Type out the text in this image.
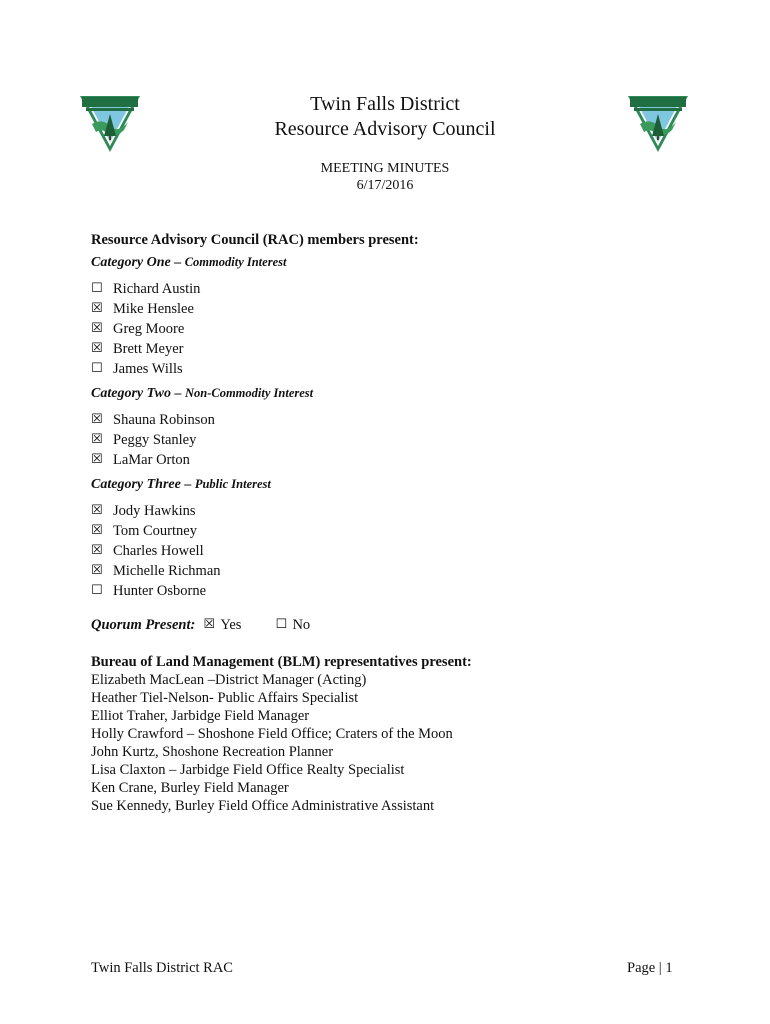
Twin Falls District
Resource Advisory Council
MEETING MINUTES
6/17/2016
Resource Advisory Council (RAC) members present:
Category One – Commodity Interest
☐ Richard Austin
☒ Mike Henslee
☒ Greg Moore
☒ Brett Meyer
☐ James Wills
Category Two – Non-Commodity Interest
☒ Shauna Robinson
☒ Peggy Stanley
☒ LaMar Orton
Category Three – Public Interest
☒ Jody Hawkins
☒ Tom Courtney
☒ Charles Howell
☒ Michelle Richman
☐ Hunter Osborne
Quorum Present: ☒ Yes	☐ No
Bureau of Land Management (BLM) representatives present:
Elizabeth MacLean –District Manager (Acting)
Heather Tiel-Nelson- Public Affairs Specialist
Elliot Traher, Jarbidge Field Manager
Holly Crawford – Shoshone Field Office; Craters of the Moon
John Kurtz, Shoshone Recreation Planner
Lisa Claxton – Jarbidge Field Office Realty Specialist
Ken Crane, Burley Field Manager
Sue Kennedy, Burley Field Office Administrative Assistant
Twin Falls District RAC	Page | 1
